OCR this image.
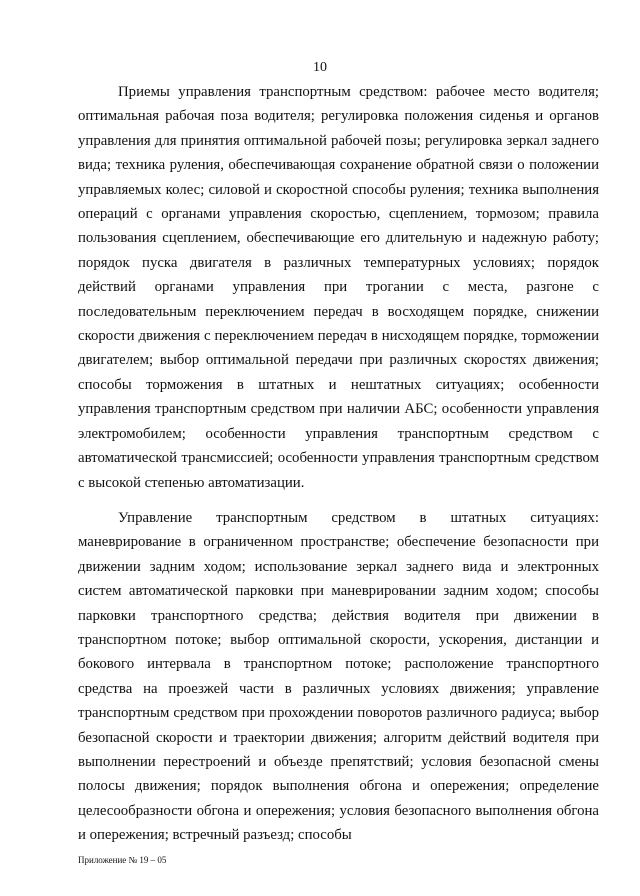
10

Приемы управления транспортным средством: рабочее место водителя; оптимальная рабочая поза водителя; регулировка положения сиденья и органов управления для принятия оптимальной рабочей позы; регулировка зеркал заднего вида; техника руления, обеспечивающая сохранение обратной связи о положении управляемых колес; силовой и скоростной способы руления; техника выполнения операций с органами управления скоростью, сцеплением, тормозом; правила пользования сцеплением, обеспечивающие его длительную и надежную работу; порядок пуска двигателя в различных температурных условиях; порядок действий органами управления при трогании с места, разгоне с последовательным переключением передач в восходящем порядке, снижении скорости движения с переключением передач в нисходящем порядке, торможении двигателем; выбор оптимальной передачи при различных скоростях движения; способы торможения в штатных и нештатных ситуациях; особенности управления транспортным средством при наличии АБС; особенности управления электромобилем; особенности управления транспортным средством с автоматической трансмиссией; особенности управления транспортным средством с высокой степенью автоматизации.

Управление транспортным средством в штатных ситуациях: маневрирование в ограниченном пространстве; обеспечение безопасности при движении задним ходом; использование зеркал заднего вида и электронных систем автоматической парковки при маневрировании задним ходом; способы парковки транспортного средства; действия водителя при движении в транспортном потоке; выбор оптимальной скорости, ускорения, дистанции и бокового интервала в транспортном потоке; расположение транспортного средства на проезжей части в различных условиях движения; управление транспортным средством при прохождении поворотов различного радиуса; выбор безопасной скорости и траектории движения; алгоритм действий водителя при выполнении перестроений и объезде препятствий; условия безопасной смены полосы движения; порядок выполнения обгона и опережения; определение целесообразности обгона и опережения; условия безопасного выполнения обгона и опережения; встречный разъезд; способы

Приложение № 19 – 05
